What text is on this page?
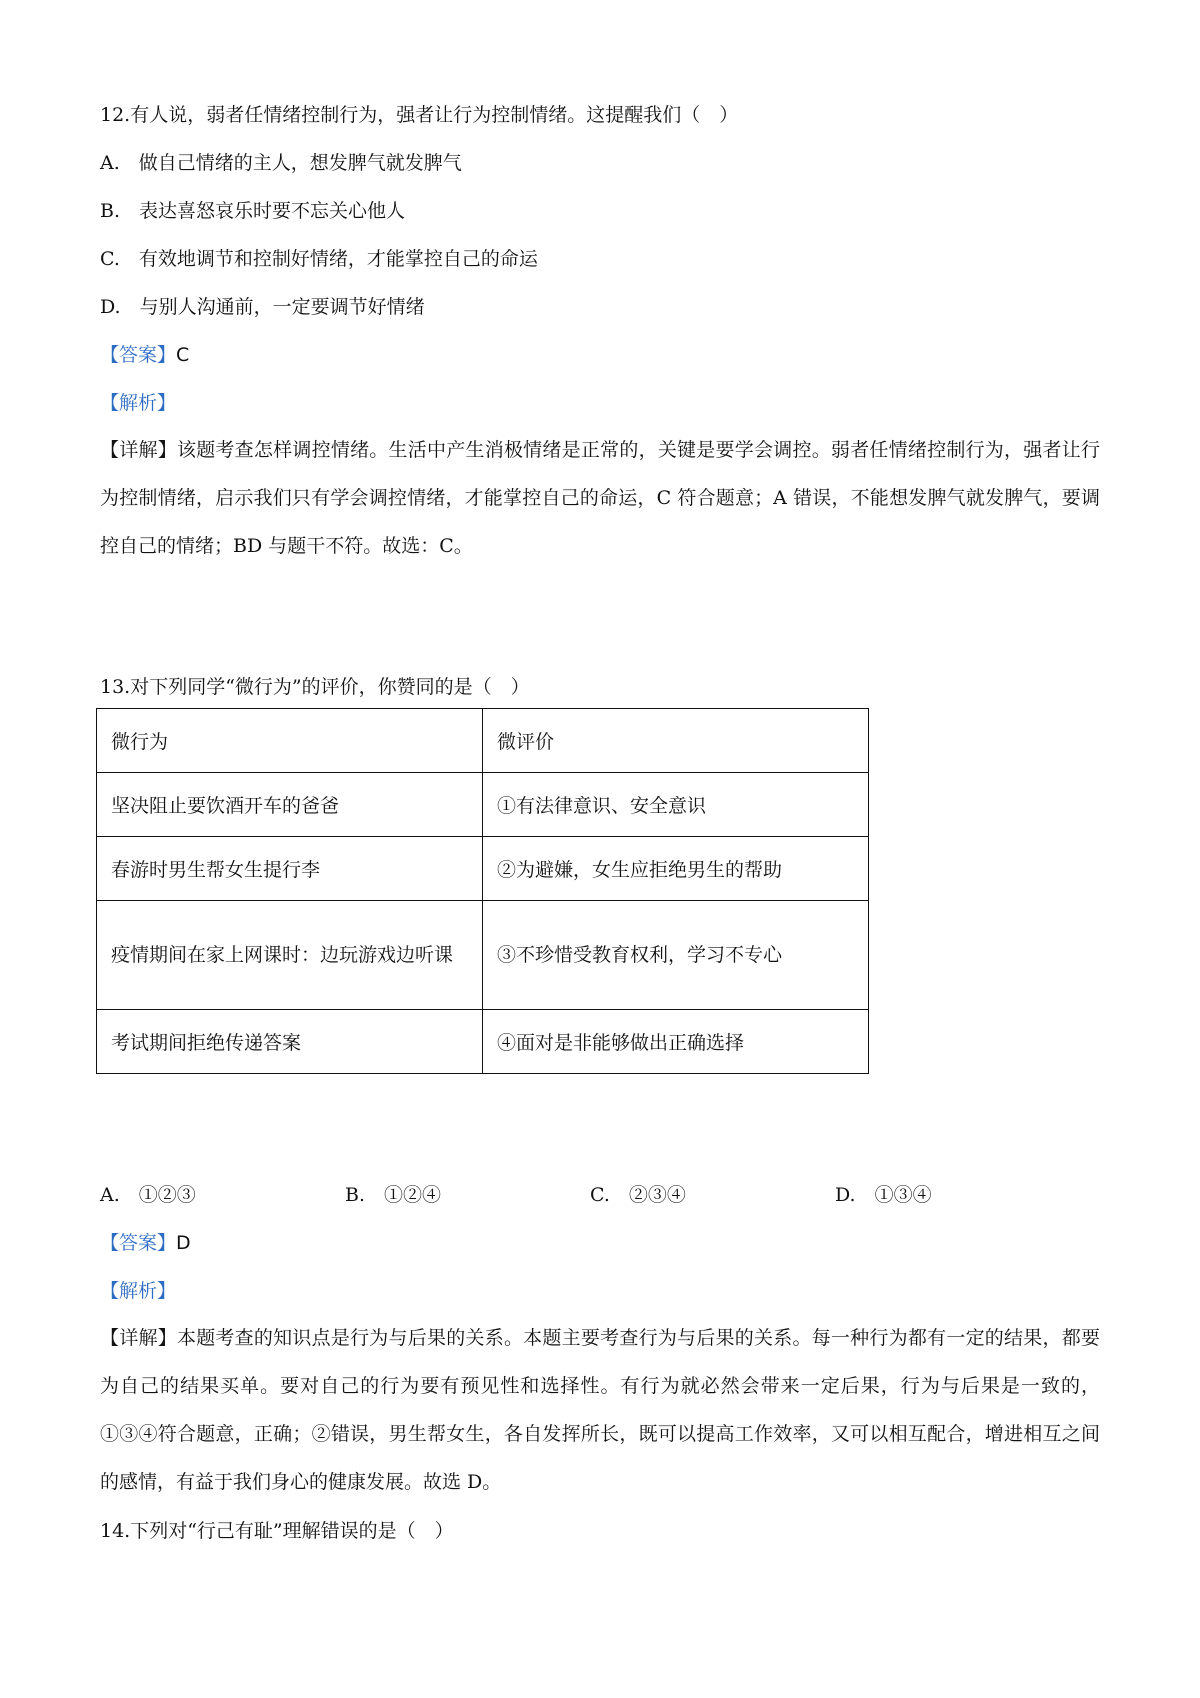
12.有人说，弱者任情绪控制行为，强者让行为控制情绪。这提醒我们（　）
A.　做自己情绪的主人，想发脾气就发脾气
B.　表达喜怒哀乐时要不忘关心他人
C.　有效地调节和控制好情绪，才能掌控自己的命运
D.　与别人沟通前，一定要调节好情绪
【答案】C
【解析】

【详解】该题考查怎样调控情绪。生活中产生消极情绪是正常的，关键是要学会调控。弱者任情绪控制行为，强者让行为控制情绪，启示我们只有学会调控情绪，才能掌控自己的命运，C 符合题意；A 错误，不能想发脾气就发脾气，要调控自己的情绪；BD 与题干不符。故选：C。

13.对下列同学“微行为”的评价，你赞同的是（　）
微行为	微评价
坚决阻止要饮酒开车的爸爸	①有法律意识、安全意识
春游时男生帮女生提行李	②为避嫌，女生应拒绝男生的帮助
疫情期间在家上网课时：边玩游戏边听课	③不珍惜受教育权利，学习不专心
考试期间拒绝传递答案	④面对是非能够做出正确选择
A.　①②③	B.　①②④	C.　②③④	D.　①③④
【答案】D
【解析】

【详解】本题考查的知识点是行为与后果的关系。本题主要考查行为与后果的关系。每一种行为都有一定的结果，都要为自己的结果买单。要对自己的行为要有预见性和选择性。有行为就必然会带来一定后果，行为与后果是一致的，①③④符合题意，正确；②错误，男生帮女生，各自发挥所长，既可以提高工作效率，又可以相互配合，增进相互之间的感情，有益于我们身心的健康发展。故选 D。

14.下列对“行己有耻”理解错误的是（　）
